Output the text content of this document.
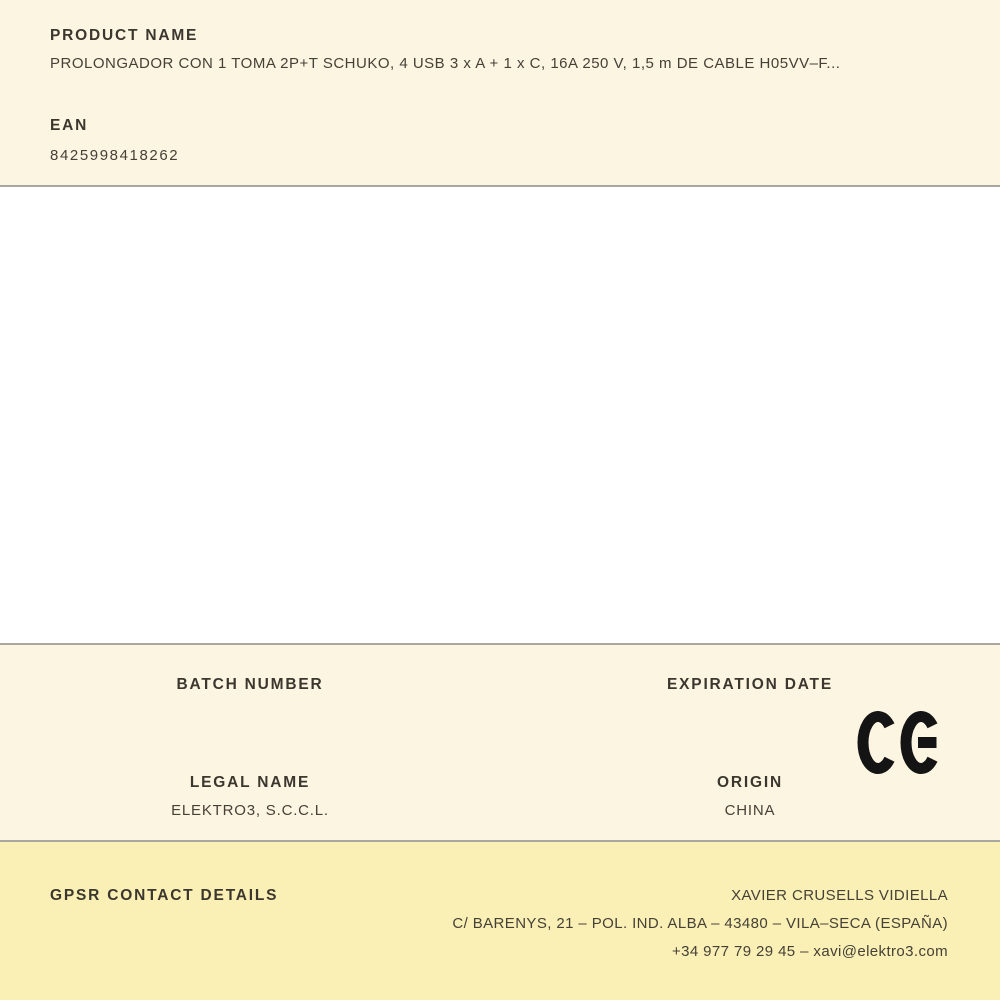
PRODUCT NAME
PROLONGADOR CON 1 TOMA 2P+T SCHUKO, 4 USB 3 x A + 1 x C, 16A 250 V, 1,5 m DE CABLE H05VV–F...
EAN
8425998418262
BATCH NUMBER	EXPIRATION DATE
LEGAL NAME
ELEKTRO3, S.C.C.L.
ORIGIN
CHINA
GPSR CONTACT DETAILS	XAVIER CRUSELLS VIDIELLA
C/ BARENYS, 21 – POL. IND. ALBA – 43480 – VILA–SECA (ESPAÑA)
+34 977 79 29 45 – xavi@elektro3.com
